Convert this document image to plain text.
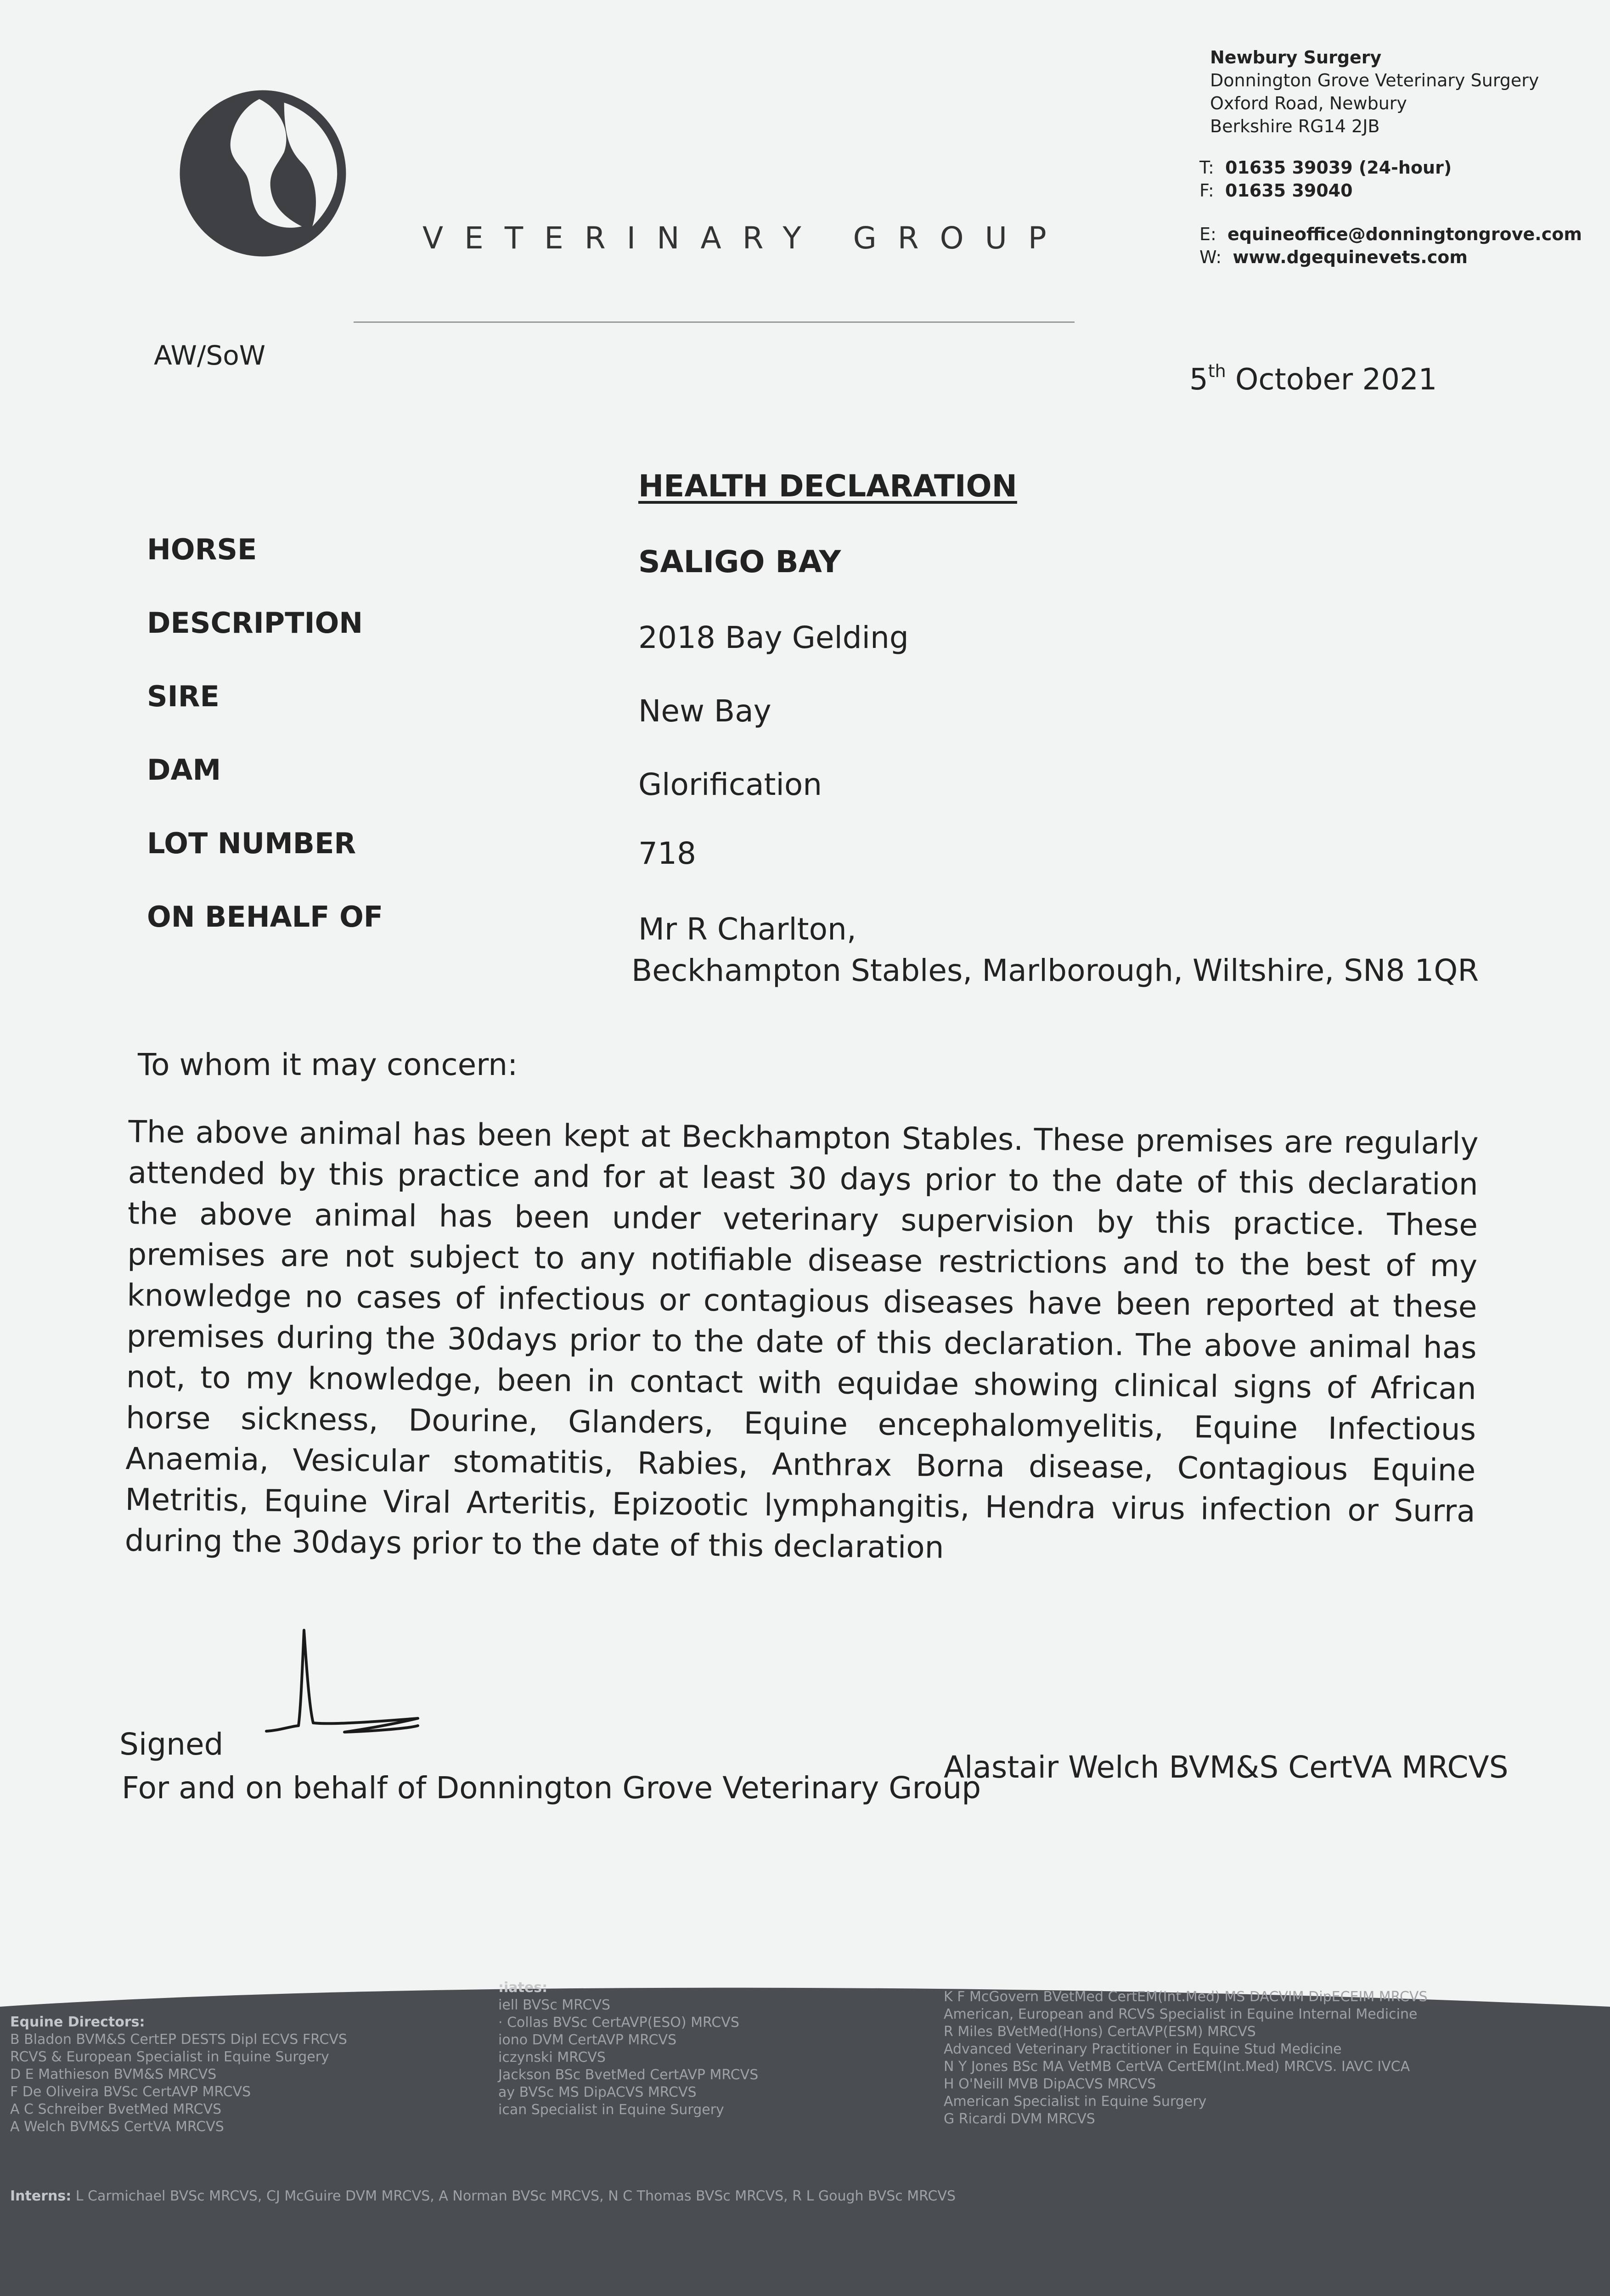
VETERINARY GROUP
Newbury Surgery
Donnington Grove Veterinary Surgery
Oxford Road, Newbury
Berkshire RG14 2JB
T: 01635 39039 (24-hour)
F: 01635 39040
E: equineoffice@donningtongrove.com
W: www.dgequinevets.com
AW/SoW
5th October 2021
HEALTH DECLARATION
HORSE	SALIGO BAY
DESCRIPTION	2018 Bay Gelding
SIRE	New Bay
DAM	Glorification
LOT NUMBER	718
ON BEHALF OF	Mr R Charlton,
Beckhampton Stables, Marlborough, Wiltshire, SN8 1QR
To whom it may concern:
The above animal has been kept at Beckhampton Stables. These premises are regularly attended by this practice and for at least 30 days prior to the date of this declaration the above animal has been under veterinary supervision by this practice. These premises are not subject to any notifiable disease restrictions and to the best of my knowledge no cases of infectious or contagious diseases have been reported at these premises during the 30days prior to the date of this declaration. The above animal has not, to my knowledge, been in contact with equidae showing clinical signs of African horse sickness, Dourine, Glanders, Equine encephalomyelitis, Equine Infectious Anaemia, Vesicular stomatitis, Rabies, Anthrax Borna disease, Contagious Equine Metritis, Equine Viral Arteritis, Epizootic lymphangitis, Hendra virus infection or Surra during the 30days prior to the date of this declaration
Signed
Alastair Welch BVM&S CertVA MRCVS
For and on behalf of Donnington Grove Veterinary Group
Equine Directors:
B Bladon BVM&S CertEP DESTS Dipl ECVS FRCVS
RCVS & European Specialist in Equine Surgery
D E Mathieson BVM&S MRCVS
F De Oliveira BVSc CertAVP MRCVS
A C Schreiber BvetMed MRCVS
A Welch BVM&S CertVA MRCVS
:iates:
iell BVSc MRCVS
· Collas BVSc CertAVP(ESO) MRCVS
iono DVM CertAVP MRCVS
iczynski MRCVS
Jackson BSc BvetMed CertAVP MRCVS
ay BVSc MS DipACVS MRCVS
ican Specialist in Equine Surgery
K F McGovern BVetMed CertEM(Int.Med) MS DACVIM DipECEIM MRCVS
American, European and RCVS Specialist in Equine Internal Medicine
R Miles BVetMed(Hons) CertAVP(ESM) MRCVS
Advanced Veterinary Practitioner in Equine Stud Medicine
N Y Jones BSc MA VetMB CertVA CertEM(Int.Med) MRCVS. IAVC IVCA
H O'Neill MVB DipACVS MRCVS
American Specialist in Equine Surgery
G Ricardi DVM MRCVS
Interns: L Carmichael BVSc MRCVS, CJ McGuire DVM MRCVS, A Norman BVSc MRCVS, N C Thomas BVSc MRCVS, R L Gough BVSc MRCVS
